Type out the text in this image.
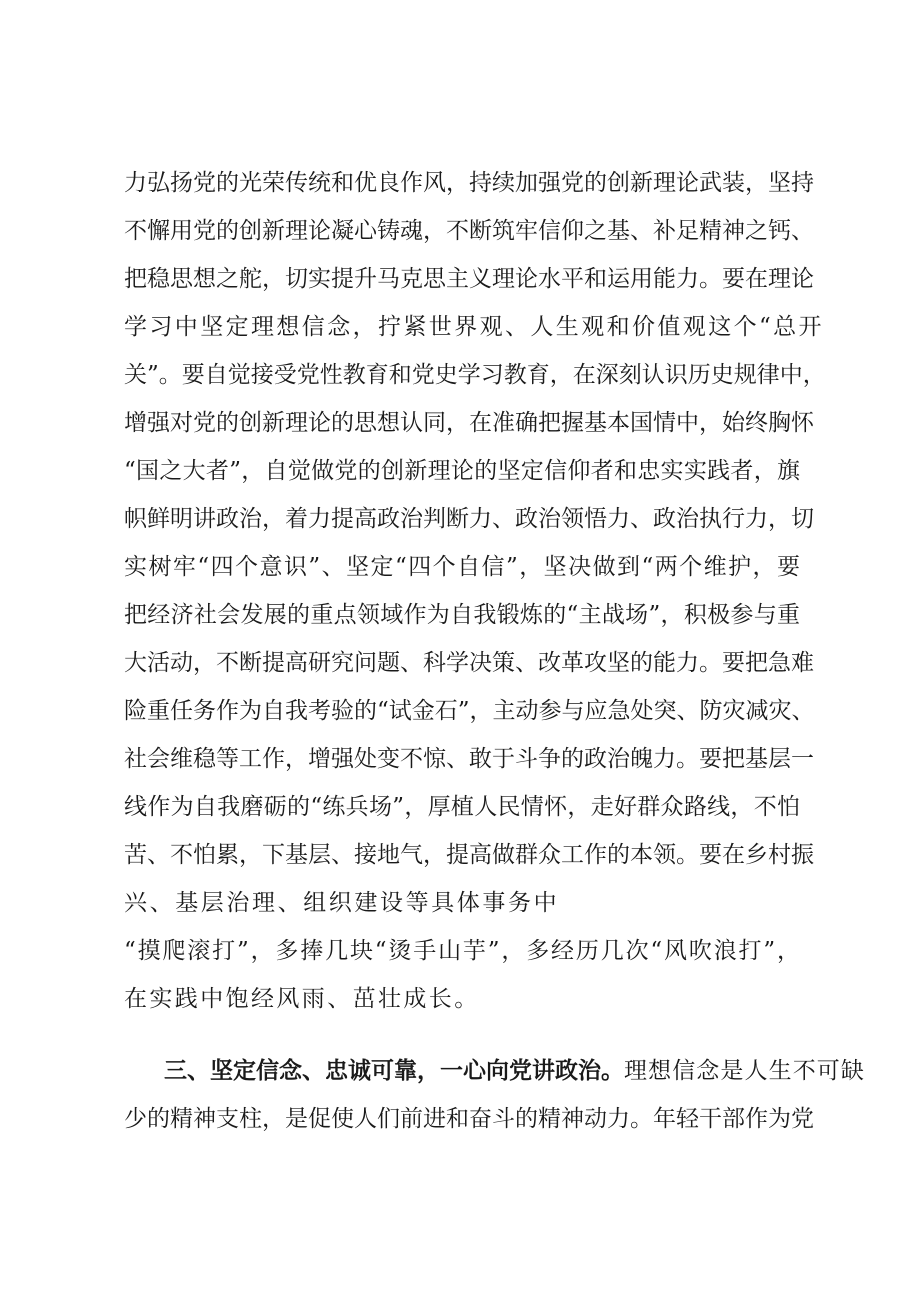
力弘扬党的光荣传统和优良作风，持续加强党的创新理论武装，坚持
不懈用党的创新理论凝心铸魂，不断筑牢信仰之基、补足精神之钙、
把稳思想之舵，切实提升马克思主义理论水平和运用能力。要在理论
学习中坚定理想信念，拧紧世界观、人生观和价值观这个“总开
关”。要自觉接受党性教育和党史学习教育，在深刻认识历史规律中，
增强对党的创新理论的思想认同，在准确把握基本国情中，始终胸怀
“国之大者”，自觉做党的创新理论的坚定信仰者和忠实实践者，旗
帜鲜明讲政治，着力提高政治判断力、政治领悟力、政治执行力，切
实树牢“四个意识”、坚定“四个自信”，坚决做到“两个维护，要
把经济社会发展的重点领域作为自我锻炼的“主战场”，积极参与重
大活动，不断提高研究问题、科学决策、改革攻坚的能力。要把急难
险重任务作为自我考验的“试金石”，主动参与应急处突、防灾减灾、
社会维稳等工作，增强处变不惊、敢于斗争的政治魄力。要把基层一
线作为自我磨砺的“练兵场”，厚植人民情怀，走好群众路线，不怕
苦、不怕累，下基层、接地气，提高做群众工作的本领。要在乡村振
兴、基层治理、组织建设等具体事务中
“摸爬滚打”，多捧几块“烫手山芋”，多经历几次“风吹浪打”，
在实践中饱经风雨、茁壮成长。
三、坚定信念、忠诚可靠，一心向党讲政治。理想信念是人生不可缺
少的精神支柱，是促使人们前进和奋斗的精神动力。年轻干部作为党
